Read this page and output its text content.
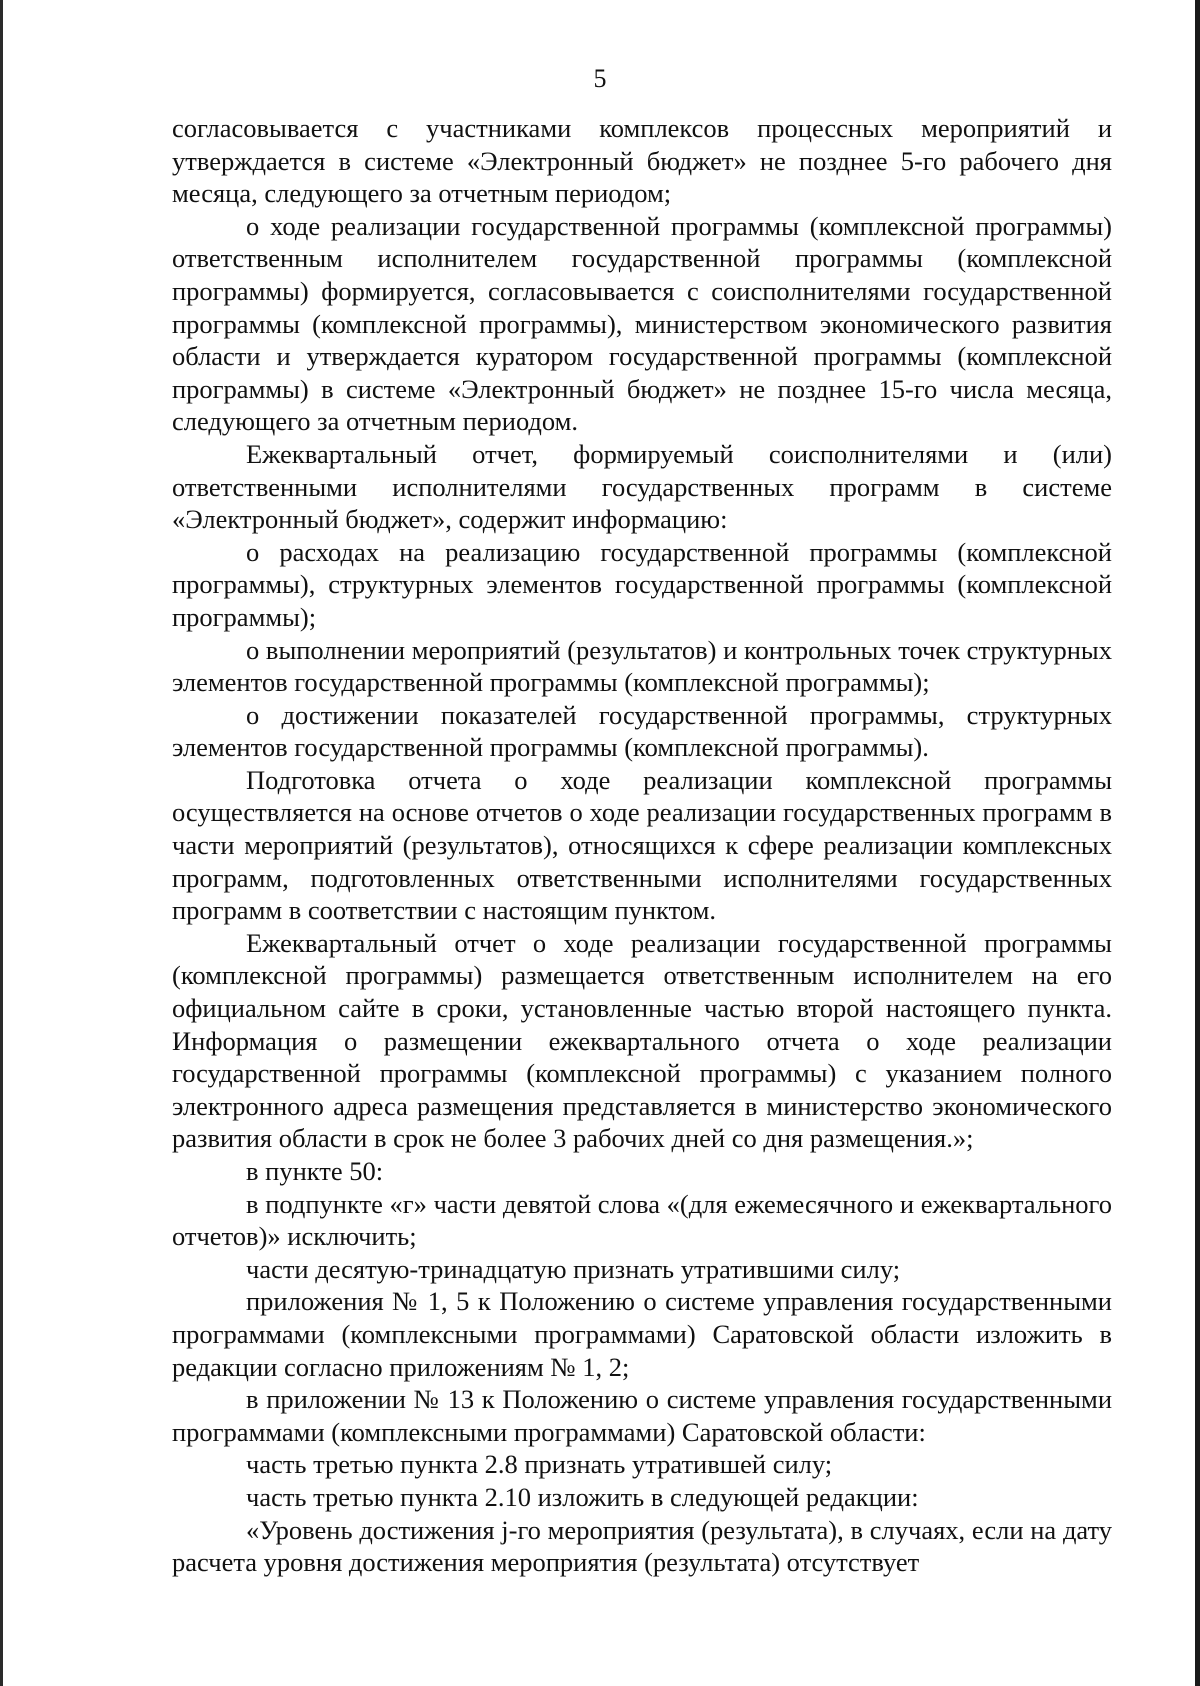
5

согласовывается с участниками комплексов процессных мероприятий и утверждается в системе «Электронный бюджет» не позднее 5-го рабочего дня месяца, следующего за отчетным периодом;

о ходе реализации государственной программы (комплексной программы) ответственным исполнителем государственной программы (комплексной программы) формируется, согласовывается с соисполнителями государственной программы (комплексной программы), министерством экономического развития области и утверждается куратором государственной программы (комплексной программы) в системе «Электронный бюджет» не позднее 15-го числа месяца, следующего за отчетным периодом.

Ежеквартальный отчет, формируемый соисполнителями и (или) ответственными исполнителями государственных программ в системе «Электронный бюджет», содержит информацию:

о расходах на реализацию государственной программы (комплексной программы), структурных элементов государственной программы (комплексной программы);

о выполнении мероприятий (результатов) и контрольных точек структурных элементов государственной программы (комплексной программы);

о достижении показателей государственной программы, структурных элементов государственной программы (комплексной программы).

Подготовка отчета о ходе реализации комплексной программы осуществляется на основе отчетов о ходе реализации государственных программ в части мероприятий (результатов), относящихся к сфере реализации комплексных программ, подготовленных ответственными исполнителями государственных программ в соответствии с настоящим пунктом.

Ежеквартальный отчет о ходе реализации государственной программы (комплексной программы) размещается ответственным исполнителем на его официальном сайте в сроки, установленные частью второй настоящего пункта. Информация о размещении ежеквартального отчета о ходе реализации государственной программы (комплексной программы) с указанием полного электронного адреса размещения представляется в министерство экономического развития области в срок не более 3 рабочих дней со дня размещения.»;

в пункте 50:

в подпункте «г» части девятой слова «(для ежемесячного и ежеквартального отчетов)» исключить;

части десятую-тринадцатую признать утратившими силу;

приложения № 1, 5 к Положению о системе управления государственными программами (комплексными программами) Саратовской области изложить в редакции согласно приложениям № 1, 2;

в приложении № 13 к Положению о системе управления государственными программами (комплексными программами) Саратовской области:

часть третью пункта 2.8 признать утратившей силу;

часть третью пункта 2.10 изложить в следующей редакции:

«Уровень достижения j-го мероприятия (результата), в случаях, если на дату расчета уровня достижения мероприятия (результата) отсутствует
